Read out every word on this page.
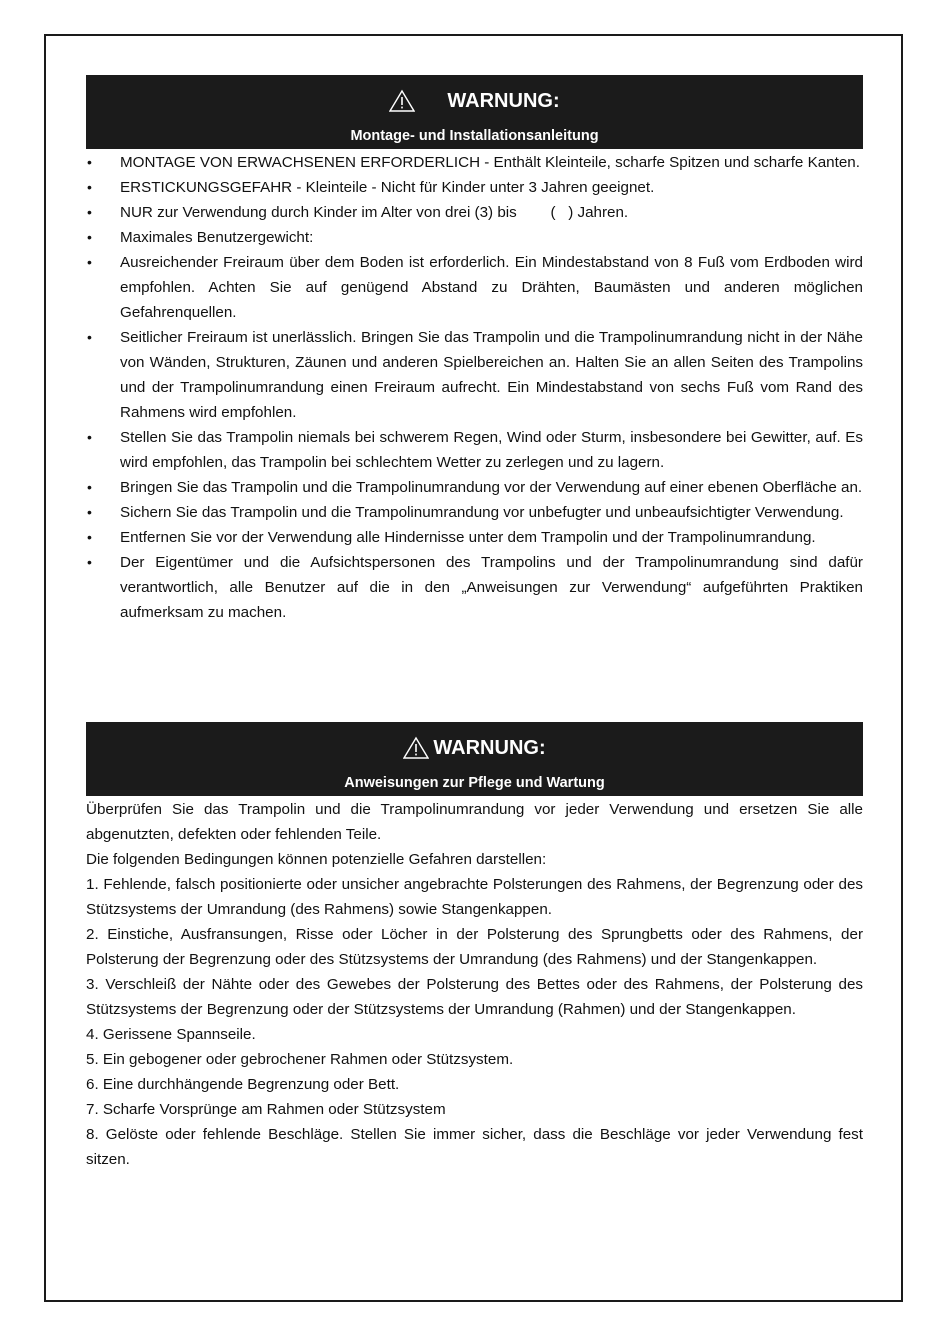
WARNUNG:
Montage- und Installationsanleitung
• MONTAGE VON ERWACHSENEN ERFORDERLICH - Enthält Kleinteile, scharfe Spitzen und scharfe Kanten.
• ERSTICKUNGSGEFAHR - Kleinteile - Nicht für Kinder unter 3 Jahren geeignet.
• NUR zur Verwendung durch Kinder im Alter von drei (3) bis        (   ) Jahren.
• Maximales Benutzergewicht:
• Ausreichender Freiraum über dem Boden ist erforderlich. Ein Mindestabstand von 8 Fuß vom Erdboden wird empfohlen. Achten Sie auf genügend Abstand zu Drähten, Baumästen und anderen möglichen Gefahrenquellen.
• Seitlicher Freiraum ist unerlässlich. Bringen Sie das Trampolin und die Trampolinumrandung nicht in der Nähe von Wänden, Strukturen, Zäunen und anderen Spielbereichen an. Halten Sie an allen Seiten des Trampolins und der Trampolinumrandung einen Freiraum aufrecht. Ein Mindestabstand von sechs Fuß vom Rand des Rahmens wird empfohlen.
• Stellen Sie das Trampolin niemals bei schwerem Regen, Wind oder Sturm, insbesondere bei Gewitter, auf. Es wird empfohlen, das Trampolin bei schlechtem Wetter zu zerlegen und zu lagern.
• Bringen Sie das Trampolin und die Trampolinumrandung vor der Verwendung auf einer ebenen Oberfläche an.
• Sichern Sie das Trampolin und die Trampolinumrandung vor unbefugter und unbeaufsichtigter Verwendung.
• Entfernen Sie vor der Verwendung alle Hindernisse unter dem Trampolin und der Trampolinumrandung.
• Der Eigentümer und die Aufsichtspersonen des Trampolins und der Trampolinumrandung sind dafür verantwortlich, alle Benutzer auf die in den „Anweisungen zur Verwendung“ aufgeführten Praktiken aufmerksam zu machen.
WARNUNG:
Anweisungen zur Pflege und Wartung

Überprüfen Sie das Trampolin und die Trampolinumrandung vor jeder Verwendung und ersetzen Sie alle abgenutzten, defekten oder fehlenden Teile.

Die folgenden Bedingungen können potenzielle Gefahren darstellen:

1. Fehlende, falsch positionierte oder unsicher angebrachte Polsterungen des Rahmens, der Begrenzung oder des Stützsystems der Umrandung (des Rahmens) sowie Stangenkappen.

2. Einstiche, Ausfransungen, Risse oder Löcher in der Polsterung des Sprungbetts oder des Rahmens, der Polsterung der Begrenzung oder des Stützsystems der Umrandung (des Rahmens) und der Stangenkappen.

3. Verschleiß der Nähte oder des Gewebes der Polsterung des Bettes oder des Rahmens, der Polsterung des Stützsystems der Begrenzung oder der Stützsystems der Umrandung (Rahmen) und der Stangenkappen.

4. Gerissene Spannseile.

5. Ein gebogener oder gebrochener Rahmen oder Stützsystem.

6. Eine durchhängende Begrenzung oder Bett.

7. Scharfe Vorsprünge am Rahmen oder Stützsystem

8. Gelöste oder fehlende Beschläge. Stellen Sie immer sicher, dass die Beschläge vor jeder Verwendung fest sitzen.
